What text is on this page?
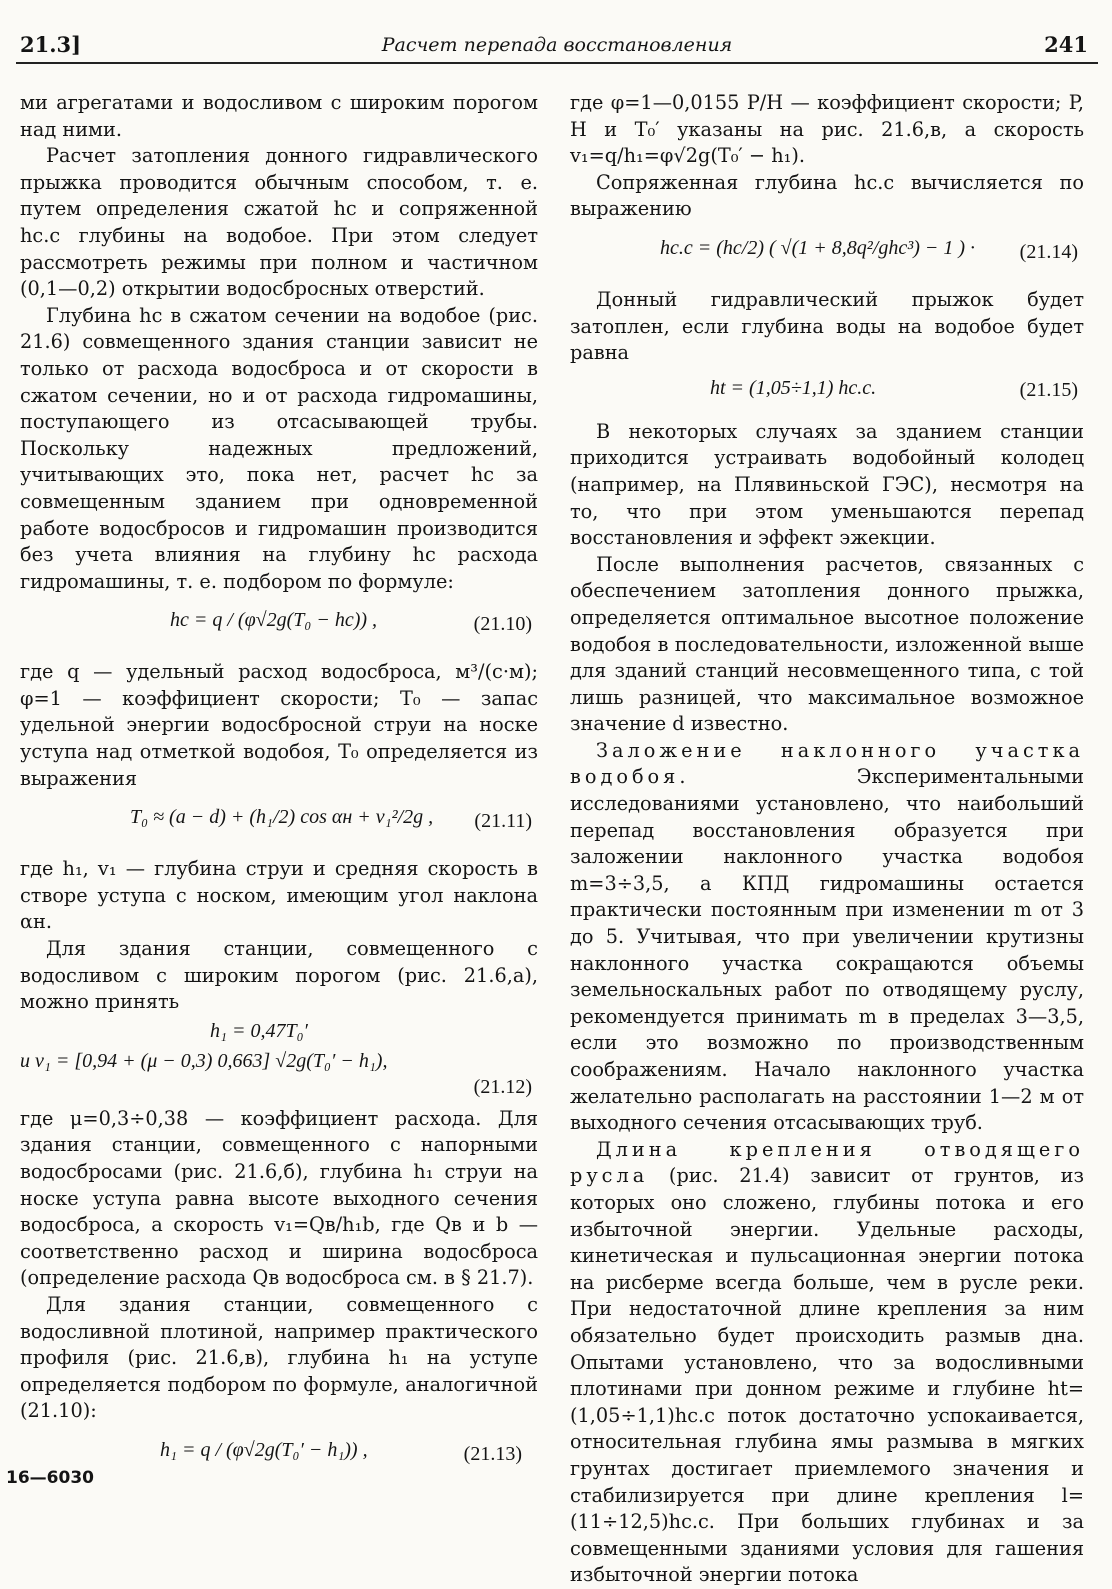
21.3]	Расчет перепада восстановления	241

ми агрегатами и водосливом с широким порогом над ними.

Расчет затопления донного гидравлического прыжка проводится обычным способом, т. е. путем определения сжатой hс и сопряженной hс.с глубины на водобое. При этом следует рассмотреть режимы при полном и частичном (0,1—0,2) открытии водосбросных отверстий.

Глубина hс в сжатом сечении на водобое (рис. 21.6) совмещенного здания станции зависит не только от расхода водосброса и от скорости в сжатом сечении, но и от расхода гидромашины, поступающего из отсасывающей трубы. Поскольку надежных предложений, учитывающих это, пока нет, расчет hс за совмещенным зданием при одновременной работе водосбросов и гидромашин производится без учета влияния на глубину hс расхода гидромашины, т. е. подбором по формуле:

hс = q / (φ√2g(T₀ − hс)) ,	(21.10)

где q — удельный расход водосброса, м³/(с·м); φ=1 — коэффициент скорости; T₀ — запас удельной энергии водосбросной струи на носке уступа над отметкой водобоя, T₀ определяется из выражения

T₀ ≈ (a − d) + (h₁/2) cos αн + v₁²/2g , (21.11)

где h₁, v₁ — глубина струи и средняя скорость в створе уступа с носком, имеющим угол наклона αн.

Для здания станции, совмещенного с водосливом с широким порогом (рис. 21.6,а), можно принять

h₁ = 0,47T₀′
и v₁ = [0,94 + (μ − 0,3) 0,663] √2g(T₀′ − h₁),
(21.12)

где μ=0,3÷0,38 — коэффициент расхода. Для здания станции, совмещенного с напорными водосбросами (рис. 21.6,б), глубина h₁ струи на носке уступа равна высоте выходного сечения водосброса, а скорость v₁=Qв/h₁b, где Qв и b — соответственно расход и ширина водосброса (определение расхода Qв водосброса см. в § 21.7).

Для здания станции, совмещенного с водосливной плотиной, например практического профиля (рис. 21.6,в), глубина h₁ на уступе определяется подбором по формуле, аналогичной (21.10):

h₁ = q / (φ√2g(T₀′ − h₁)) ,	(21.13)

где φ=1—0,0155 P/H — коэффициент скорости; P, H и T₀′ указаны на рис. 21.6,в, а скорость v₁=q/h₁=φ√2g(T₀′ − h₁).

Сопряженная глубина hс.с вычисляется по выражению

hс.с = (hс/2) ( √(1 + 8,8q²/ghс³) − 1 ) · (21.14)

Донный гидравлический прыжок будет затоплен, если глубина воды на водобое будет равна

ht = (1,05÷1,1) hс.с.	(21.15)

В некоторых случаях за зданием станции приходится устраивать водобойный колодец (например, на Плявиньской ГЭС), несмотря на то, что при этом уменьшаются перепад восстановления и эффект эжекции.

После выполнения расчетов, связанных с обеспечением затопления донного прыжка, определяется оптимальное высотное положение водобоя в последовательности, изложенной выше для зданий станций несовмещенного типа, с той лишь разницей, что максимальное возможное значение d известно.

Заложение наклонного участка водобоя.	Экспериментальными исследованиями установлено, что наибольший перепад восстановления образуется при заложении наклонного участка водобоя m=3÷3,5, а КПД гидромашины остается практически постоянным при изменении m от 3 до 5. Учитывая, что при увеличении крутизны наклонного участка сокращаются объемы земельноскальных работ по отводящему руслу, рекомендуется принимать m в пределах 3—3,5, если это возможно по производственным соображениям. Начало наклонного участка желательно располагать на расстоянии 1—2 м от выходного сечения отсасывающих труб.

Длина крепления отводящего русла (рис. 21.4) зависит от грунтов, из которых оно сложено, глубины потока и его избыточной энергии. Удельные расходы, кинетическая и пульсационная энергии потока на рисберме всегда больше, чем в русле реки. При недостаточной длине крепления за ним обязательно будет происходить размыв дна. Опытами установлено, что за водосливными плотинами при донном режиме и глубине ht=(1,05÷1,1)hс.с поток достаточно успокаивается, относительная глубина ямы размыва в мягких грунтах достигает приемлемого значения и стабилизируется при длине крепления l=(11÷12,5)hс.с. При больших глубинах и за совмещенными зданиями условия для гашения избыточной энергии потока

16—6030
